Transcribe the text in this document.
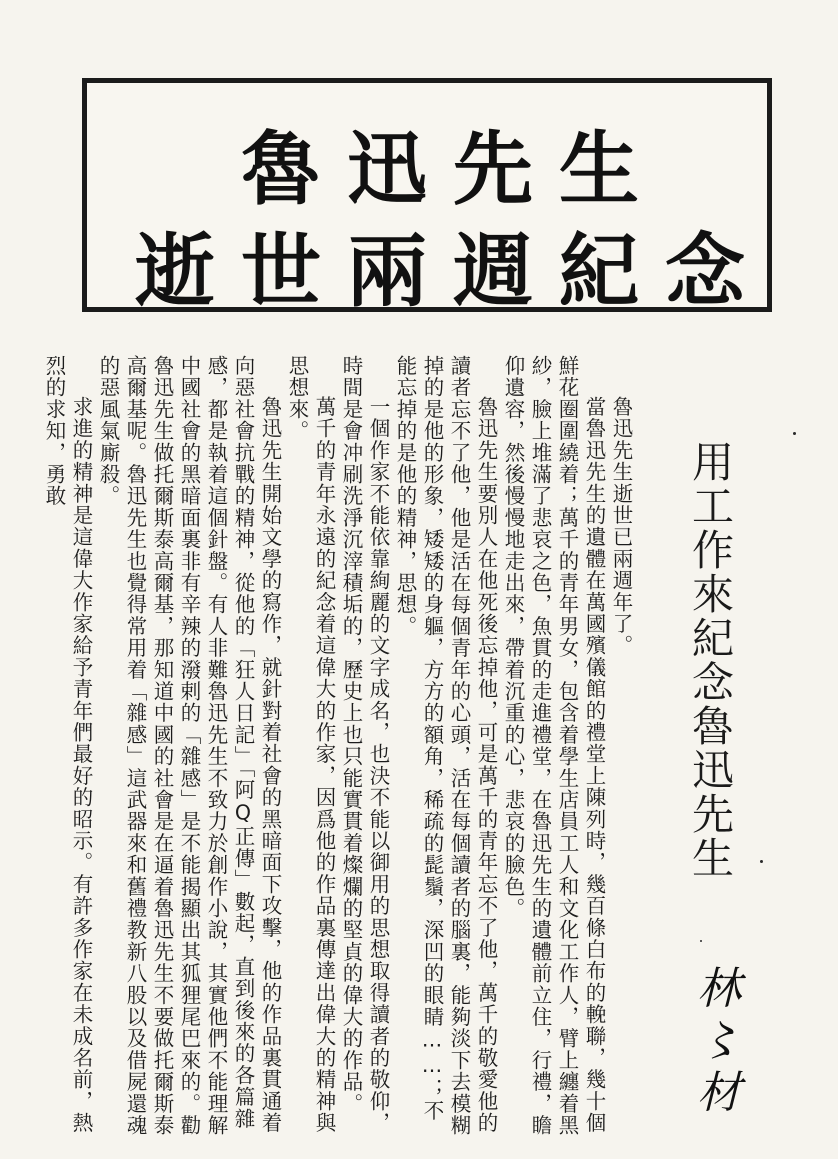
魯迅先生
逝世兩週紀念
用工作來紀念魯迅先生
林〻材

魯迅先生逝世已兩週年了。

當魯迅先生的遺體在萬國殯儀館的禮堂上陳列時，幾百條白布的輓聯，幾十個鮮花圈圍繞着；萬千的青年男女，包含着學生店員工人和文化工作人，臂上纏着黑紗，臉上堆滿了悲哀之色，魚貫的走進禮堂，在魯迅先生的遺體前立住，行禮，瞻仰遺容，然後慢慢地走出來，帶着沉重的心，悲哀的臉色。

魯迅先生要別人在他死後忘掉他，可是萬千的青年忘不了他，萬千的敬愛他的讀者忘不了他，他是活在每個青年的心頭，活在每個讀者的腦裏，能夠淡下去模糊掉的是他的形象，矮矮的身軀，方方的額角，稀疏的髭鬚，深凹的眼睛……；不能忘掉的是他的精神，思想。

一個作家不能依靠絢麗的文字成名，也決不能以御用的思想取得讀者的敬仰，時間是會冲刷洗淨沉滓積垢的，歷史上也只能實貫着燦爛的堅貞的偉大的作品。

萬千的青年永遠的紀念着這偉大的作家，因爲他的作品裏傳達出偉大的精神與思想來。

魯迅先生開始文學的寫作，就針對着社會的黑暗面下攻擊，他的作品裏貫通着向惡社會抗戰的精神，從他的「狂人日記」「阿Q正傳」數起，直到後來的各篇雜感，都是執着這個針盤。有人非難魯迅先生不致力於創作小說，其實他們不能理解中國社會的黑暗面裏非有辛辣的潑剌的「雜感」是不能揭顯出其狐狸尾巴來的。勸魯迅先生做托爾斯泰高爾基，那知道中國的社會是在逼着魯迅先生不要做托爾斯泰高爾基呢。魯迅先生也覺得常用着「雜感」這武器來和舊禮教新八股以及借屍還魂的惡風氣廝殺。

求進的精神是這偉大作家給予青年們最好的昭示。有許多作家在未成名前，熱烈的求知，勇敢
